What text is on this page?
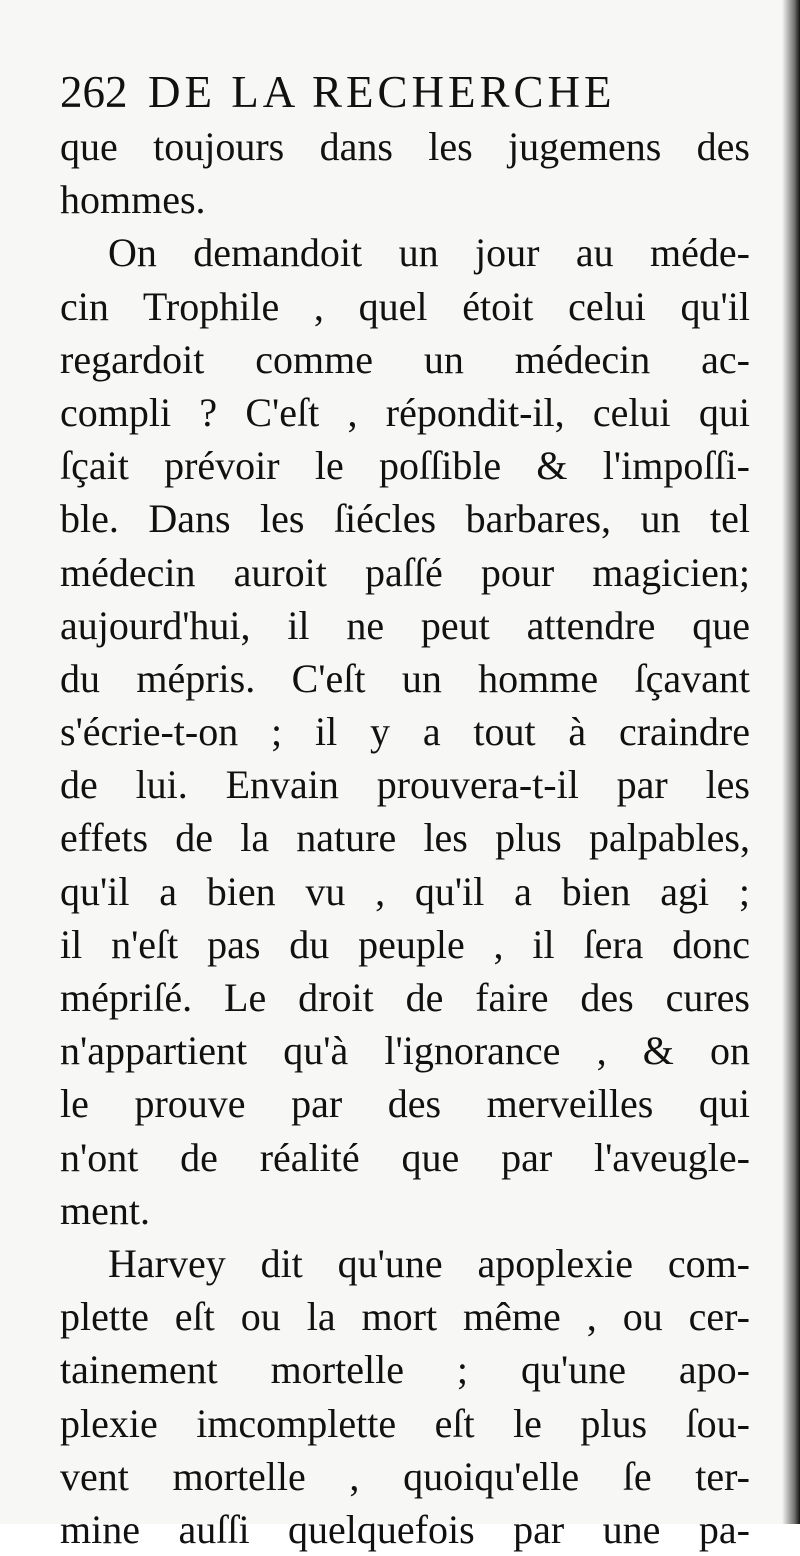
262 DE LA RECHERCHE
que toujours dans les jugemens des
hommes.
On demandoit un jour au méde-
cin Trophile , quel étoit celui qu'il
regardoit comme un médecin ac-
compli ? C'eſt , répondit-il, celui qui
ſçait prévoir le poſſible & l'impoſſi-
ble. Dans les ſiécles barbares, un tel
médecin auroit paſſé pour magicien;
aujourd'hui, il ne peut attendre que
du mépris. C'eſt un homme ſçavant
s'écrie-t-on ; il y a tout à craindre
de lui. Envain prouvera-t-il par les
effets de la nature les plus palpables,
qu'il a bien vu , qu'il a bien agi ;
il n'eſt pas du peuple , il ſera donc
mépriſé. Le droit de faire des cures
n'appartient qu'à l'ignorance , & on
le prouve par des merveilles qui
n'ont de réalité que par l'aveugle-
ment.
Harvey dit qu'une apoplexie com-
plette eſt ou la mort même , ou cer-
tainement mortelle ; qu'une apo-
plexie imcomplette eſt le plus ſou-
vent mortelle , quoiqu'elle ſe ter-
mine auſſi quelquefois par une pa-
